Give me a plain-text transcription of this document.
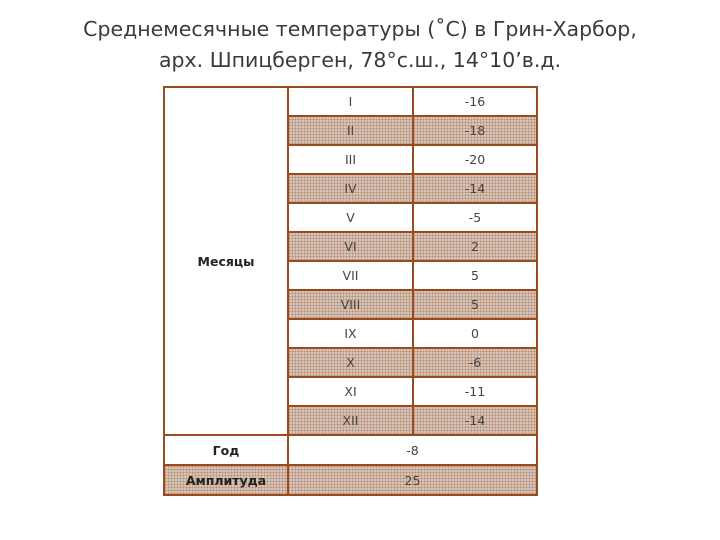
Среднемесячные температуры (˚С) в Грин-Харбор,
арх. Шпицберген, 78°с.ш., 14°10’в.д.
Месяцы	I	-16
	II	-18
	III	-20
	IV	-14
	V	-5
	VI	2
	VII	5
	VIII	5
	IX	0
	X	-6
	XI	-11
	XII	-14
Год	-8	
Амплитуда	25	
